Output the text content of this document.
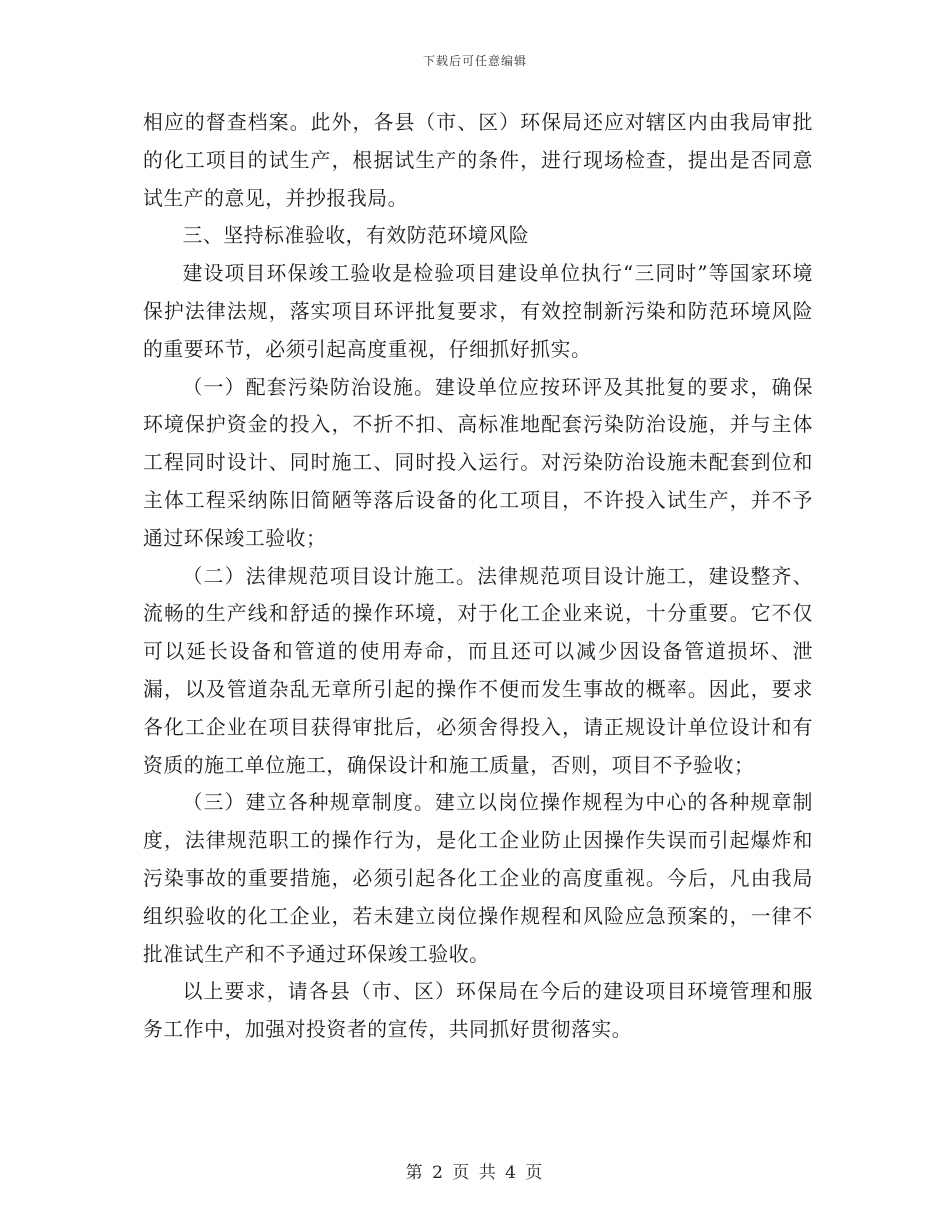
下载后可任意编辑

相应的督查档案。此外，各县（市、区）环保局还应对辖区内由我局审批的化工项目的试生产，根据试生产的条件，进行现场检查，提出是否同意试生产的意见，并抄报我局。

三、坚持标准验收，有效防范环境风险

建设项目环保竣工验收是检验项目建设单位执行“三同时”等国家环境保护法律法规，落实项目环评批复要求，有效控制新污染和防范环境风险的重要环节，必须引起高度重视，仔细抓好抓实。

（一）配套污染防治设施。建设单位应按环评及其批复的要求，确保环境保护资金的投入，不折不扣、高标准地配套污染防治设施，并与主体工程同时设计、同时施工、同时投入运行。对污染防治设施未配套到位和主体工程采纳陈旧简陋等落后设备的化工项目，不许投入试生产，并不予通过环保竣工验收；

（二）法律规范项目设计施工。法律规范项目设计施工，建设整齐、流畅的生产线和舒适的操作环境，对于化工企业来说，十分重要。它不仅可以延长设备和管道的使用寿命，而且还可以减少因设备管道损坏、泄漏，以及管道杂乱无章所引起的操作不便而发生事故的概率。因此，要求各化工企业在项目获得审批后，必须舍得投入，请正规设计单位设计和有资质的施工单位施工，确保设计和施工质量，否则，项目不予验收；

（三）建立各种规章制度。建立以岗位操作规程为中心的各种规章制度，法律规范职工的操作行为，是化工企业防止因操作失误而引起爆炸和污染事故的重要措施，必须引起各化工企业的高度重视。今后，凡由我局组织验收的化工企业，若未建立岗位操作规程和风险应急预案的，一律不批准试生产和不予通过环保竣工验收。

以上要求，请各县（市、区）环保局在今后的建设项目环境管理和服务工作中，加强对投资者的宣传，共同抓好贯彻落实。

第 2 页 共 4 页
